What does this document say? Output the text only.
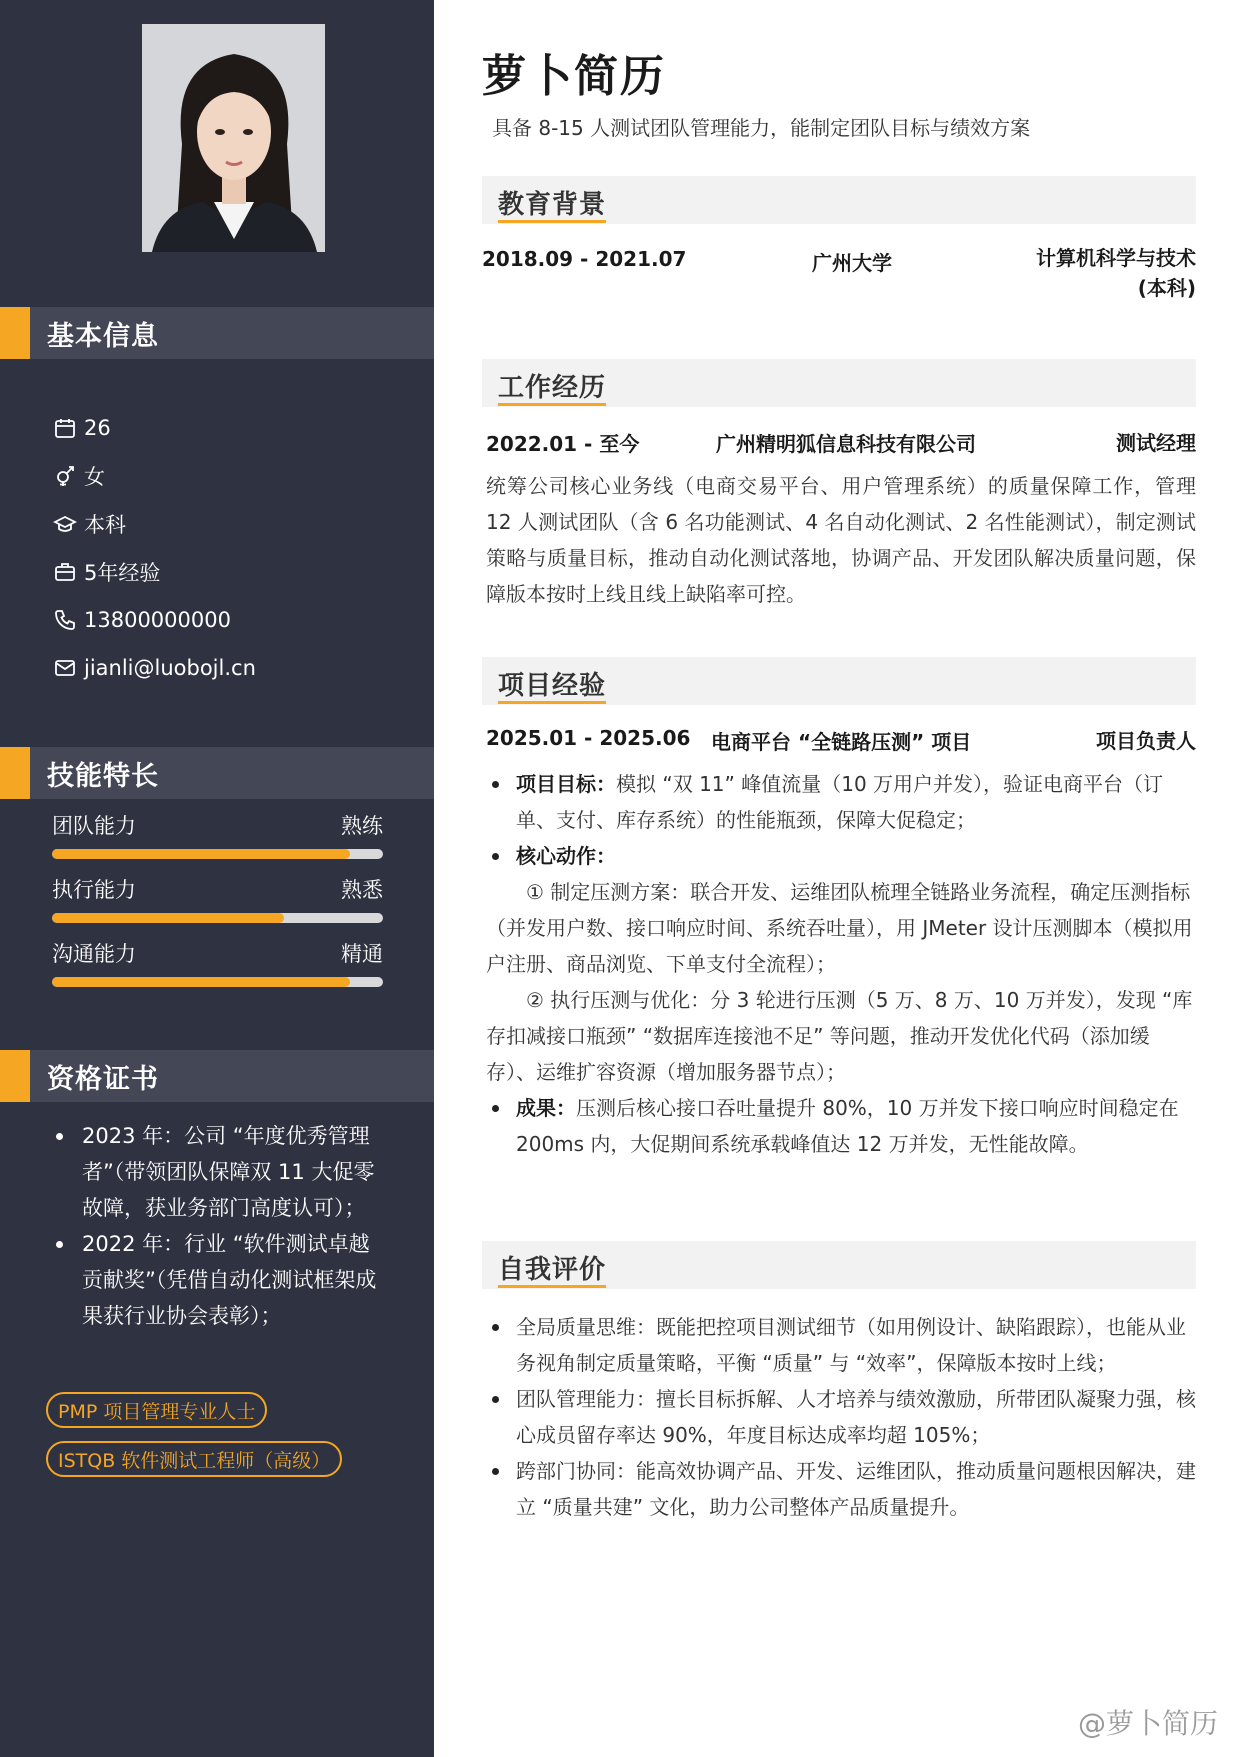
基本信息
26
女
本科
5年经验
13800000000
jianli@luobojl.cn
技能特长
团队能力	熟练
执行能力	熟悉
沟通能力	精通
资格证书
2023 年：公司 “年度优秀管理者”（带领团队保障双 11 大促零故障，获业务部门高度认可）；
2022 年：行业 “软件测试卓越贡献奖”（凭借自动化测试框架成果获行业协会表彰）；
PMP 项目管理专业人士
ISTQB 软件测试工程师（高级）
萝卜简历
具备 8-15 人测试团队管理能力，能制定团队目标与绩效方案
教育背景
2018.09 - 2021.07	广州大学	计算机科学与技术
(本科)
工作经历
2022.01 - 至今	广州精明狐信息科技有限公司	测试经理
统筹公司核心业务线（电商交易平台、用户管理系统）的质量保障工作，管理 12 人测试团队（含 6 名功能测试、4 名自动化测试、2 名性能测试），制定测试策略与质量目标，推动自动化测试落地，协调产品、开发团队解决质量问题，保障版本按时上线且线上缺陷率可控。
项目经验
2025.01 - 2025.06 电商平台 “全链路压测” 项目	项目负责人
项目目标：模拟 “双 11” 峰值流量（10 万用户并发），验证电商平台（订单、支付、库存系统）的性能瓶颈，保障大促稳定；
核心动作：
① 制定压测方案：联合开发、运维团队梳理全链路业务流程，确定压测指标（并发用户数、接口响应时间、系统吞吐量），用 JMeter 设计压测脚本（模拟用户注册、商品浏览、下单支付全流程）；
② 执行压测与优化：分 3 轮进行压测（5 万、8 万、10 万并发），发现 “库存扣减接口瓶颈” “数据库连接池不足” 等问题，推动开发优化代码（添加缓存）、运维扩容资源（增加服务器节点）；
成果：压测后核心接口吞吐量提升 80%，10 万并发下接口响应时间稳定在 200ms 内，大促期间系统承载峰值达 12 万并发，无性能故障。
自我评价
全局质量思维：既能把控项目测试细节（如用例设计、缺陷跟踪），也能从业务视角制定质量策略，平衡 “质量” 与 “效率”，保障版本按时上线；
团队管理能力：擅长目标拆解、人才培养与绩效激励，所带团队凝聚力强，核心成员留存率达 90%，年度目标达成率均超 105%；
跨部门协同：能高效协调产品、开发、运维团队，推动质量问题根因解决，建立 “质量共建” 文化，助力公司整体产品质量提升。
@萝卜简历
